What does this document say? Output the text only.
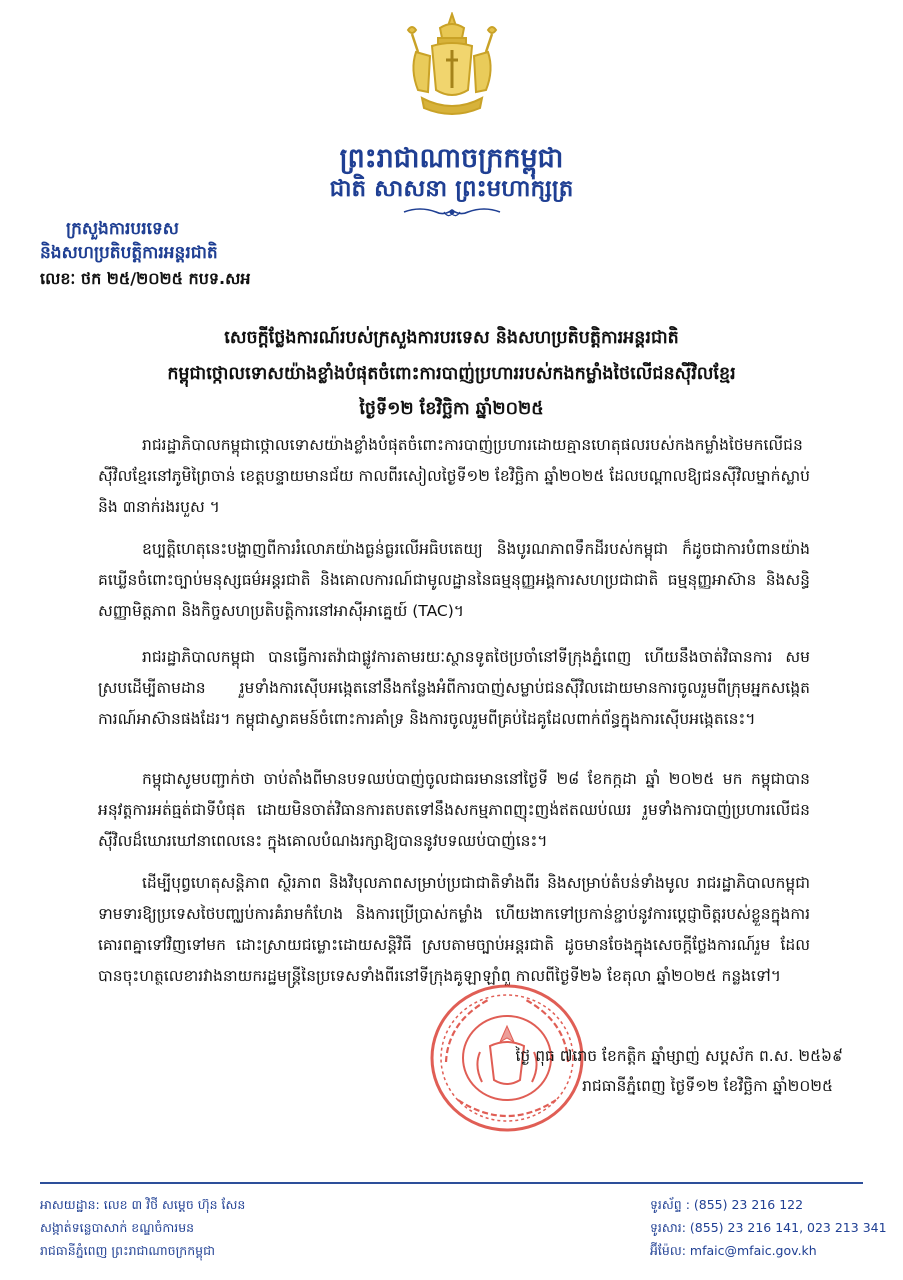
ព្រះរាជាណាចក្រកម្ពុជា
ជាតិ សាសនា ព្រះមហាក្សត្រ
ក្រសួងការបរទេស
និងសហប្រតិបត្តិការអន្តរជាតិ
លេខៈ ថក ២៥/២០២៥ កបទ.សអ
សេចក្តីថ្លែងការណ៍របស់ក្រសួងការបរទេស និងសហប្រតិបត្តិការអន្តរជាតិ
កម្ពុជាថ្កោលទោសយ៉ាងខ្លាំងបំផុតចំពោះការបាញ់ប្រហាររបស់កងកម្លាំងថៃលើជនស៊ីវិលខ្មែរ
ថ្ងៃទី១២ ខែវិច្ឆិកា ឆ្នាំ២០២៥

រាជរដ្ឋាភិបាលកម្ពុជាថ្កោលទោសយ៉ាងខ្លាំងបំផុតចំពោះការបាញ់ប្រហារដោយគ្មានហេតុផលរបស់កងកម្លាំងថៃមកលើជនស៊ីវិលខ្មែរនៅភូមិព្រៃចាន់ ខេត្តបន្ទាយមានជ័យ កាលពីរសៀលថ្ងៃទី១២ ខែវិច្ឆិកា ឆ្នាំ២០២៥ ដែលបណ្តាលឱ្យជនស៊ីវិលម្នាក់ស្លាប់ និង ៣នាក់រងរបួស ។

ឧប្បត្តិហេតុនេះបង្ហាញពីការរំលោភយ៉ាងធ្ងន់ធ្ងរលើអធិបតេយ្យ និងបូរណភាពទឹកដីរបស់កម្ពុជា ក៏ដូចជាការបំពានយ៉ាងគឃ្លើនចំពោះច្បាប់មនុស្សធម៌អន្តរជាតិ និងគោលការណ៍ជាមូលដ្ឋាននៃធម្មនុញ្ញអង្គការសហប្រជាជាតិ ធម្មនុញ្ញអាស៊ាន និងសន្ធិសញ្ញាមិត្តភាព និងកិច្ចសហប្រតិបត្តិការនៅអាស៊ីអាគ្នេយ៍ (TAC)។

រាជរដ្ឋាភិបាលកម្ពុជា បានធ្វើការតវ៉ាជាផ្លូវការតាមរយៈស្ថានទូតថៃប្រចាំនៅទីក្រុងភ្នំពេញ ហើយនឹងចាត់វិធានការ សមស្របដើម្បីតាមដាន រួមទាំងការស៊ើបអង្កេតនៅនឹងកន្លែងអំពីការបាញ់សម្លាប់ជនស៊ីវិលដោយមានការចូលរួមពីក្រុមអ្នកសង្កេតការណ៍អាស៊ានផងដែរ។ កម្ពុជាស្វាគមន៍ចំពោះការគាំទ្រ និងការចូលរួមពីគ្រប់ដៃគូដែលពាក់ព័ន្ធក្នុងការស៊ើបអង្កេតនេះ។

កម្ពុជាសូមបញ្ជាក់ថា ចាប់តាំងពីមានបទឈប់បាញ់ចូលជាធរមាននៅថ្ងៃទី ២៨ ខែកក្កដា ឆ្នាំ ២០២៥ មក កម្ពុជាបានអនុវត្តការអត់ធ្មត់ជាទីបំផុត ដោយមិនចាត់វិធានការតបតទៅនឹងសកម្មភាពញុះញង់ឥតឈប់ឈរ រួមទាំងការបាញ់ប្រហារលើជនស៊ីវិលដ៏ឃោរឃៅនាពេលនេះ ក្នុងគោលបំណងរក្សាឱ្យបាននូវបទឈប់បាញ់នេះ។

ដើម្បីបុព្វហេតុសន្តិភាព ស្ថិរភាព និងវិបុលភាពសម្រាប់ប្រជាជាតិទាំងពីរ និងសម្រាប់តំបន់ទាំងមូល រាជរដ្ឋាភិបាលកម្ពុជាទាមទារឱ្យប្រទេសថៃបញ្ឈប់ការគំរាមកំហែង និងការប្រើប្រាស់កម្លាំង ហើយងាកទៅប្រកាន់ខ្ជាប់នូវការប្តេជ្ញាចិត្តរបស់ខ្លួនក្នុងការគោរពគ្នាទៅវិញទៅមក ដោះស្រាយជម្លោះដោយសន្តិវិធី ស្របតាមច្បាប់អន្តរជាតិ ដូចមានចែងក្នុងសេចក្តីថ្លែងការណ៍រួម ដែលបានចុះហត្ថលេខារវាងនាយករដ្ឋមន្ត្រីនៃប្រទេសទាំងពីរនៅទីក្រុងគូឡាឡាំពួ កាលពីថ្ងៃទី២៦ ខែតុលា ឆ្នាំ២០២៥ កន្លងទៅ។

ថ្ងៃ ពុធ ៧រោច ខែកត្តិក ឆ្នាំម្សាញ់ សប្តស័ក ព.ស. ២៥៦៩
រាជធានីភ្នំពេញ ថ្ងៃទី១២ ខែវិច្ឆិកា ឆ្នាំ២០២៥
អាសយដ្ឋាន: លេខ ៣ វិថី សម្តេច ហ៊ុន សែន
សង្កាត់ទន្លេបាសាក់ ខណ្ឌចំការមន
រាជធានីភ្នំពេញ ព្រះរាជាណាចក្រកម្ពុជា
ទូរស័ព្ទ : (855) 23 216 122
ទូរសារ: (855) 23 216 141, 023 213 341
អ៊ីម៉ែល: mfaic@mfaic.gov.kh
